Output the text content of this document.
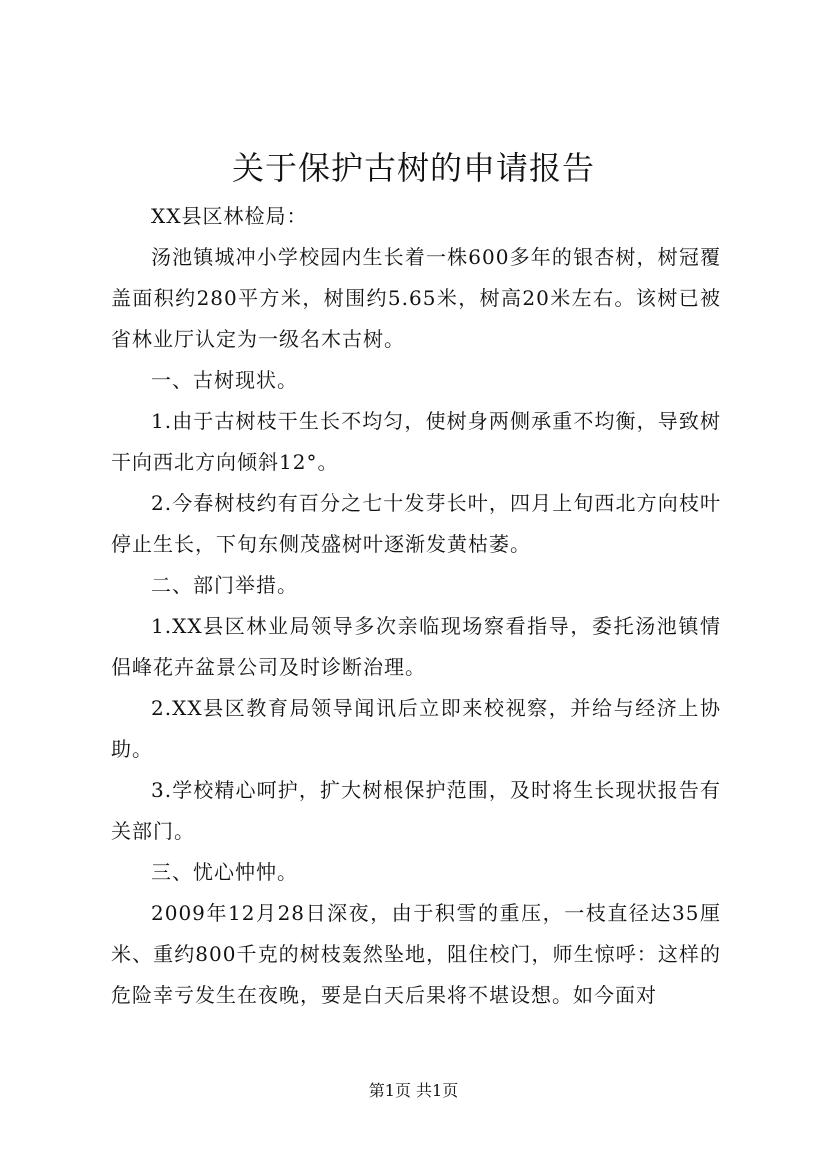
关于保护古树的申请报告

XX县区林检局：

汤池镇城冲小学校园内生长着一株600多年的银杏树，树冠覆盖面积约280平方米，树围约5.65米，树高20米左右。该树已被省林业厅认定为一级名木古树。

一、古树现状。

1.由于古树枝干生长不均匀，使树身两侧承重不均衡，导致树干向西北方向倾斜12°。

2.今春树枝约有百分之七十发芽长叶，四月上旬西北方向枝叶停止生长，下旬东侧茂盛树叶逐渐发黄枯萎。

二、部门举措。

1.XX县区林业局领导多次亲临现场察看指导，委托汤池镇情侣峰花卉盆景公司及时诊断治理。

2.XX县区教育局领导闻讯后立即来校视察，并给与经济上协助。

3.学校精心呵护，扩大树根保护范围，及时将生长现状报告有关部门。

三、忧心忡忡。

2009年12月28日深夜，由于积雪的重压，一枝直径达35厘米、重约800千克的树枝轰然坠地，阻住校门，师生惊呼：这样的危险幸亏发生在夜晚，要是白天后果将不堪设想。如今面对

第1页 共1页
